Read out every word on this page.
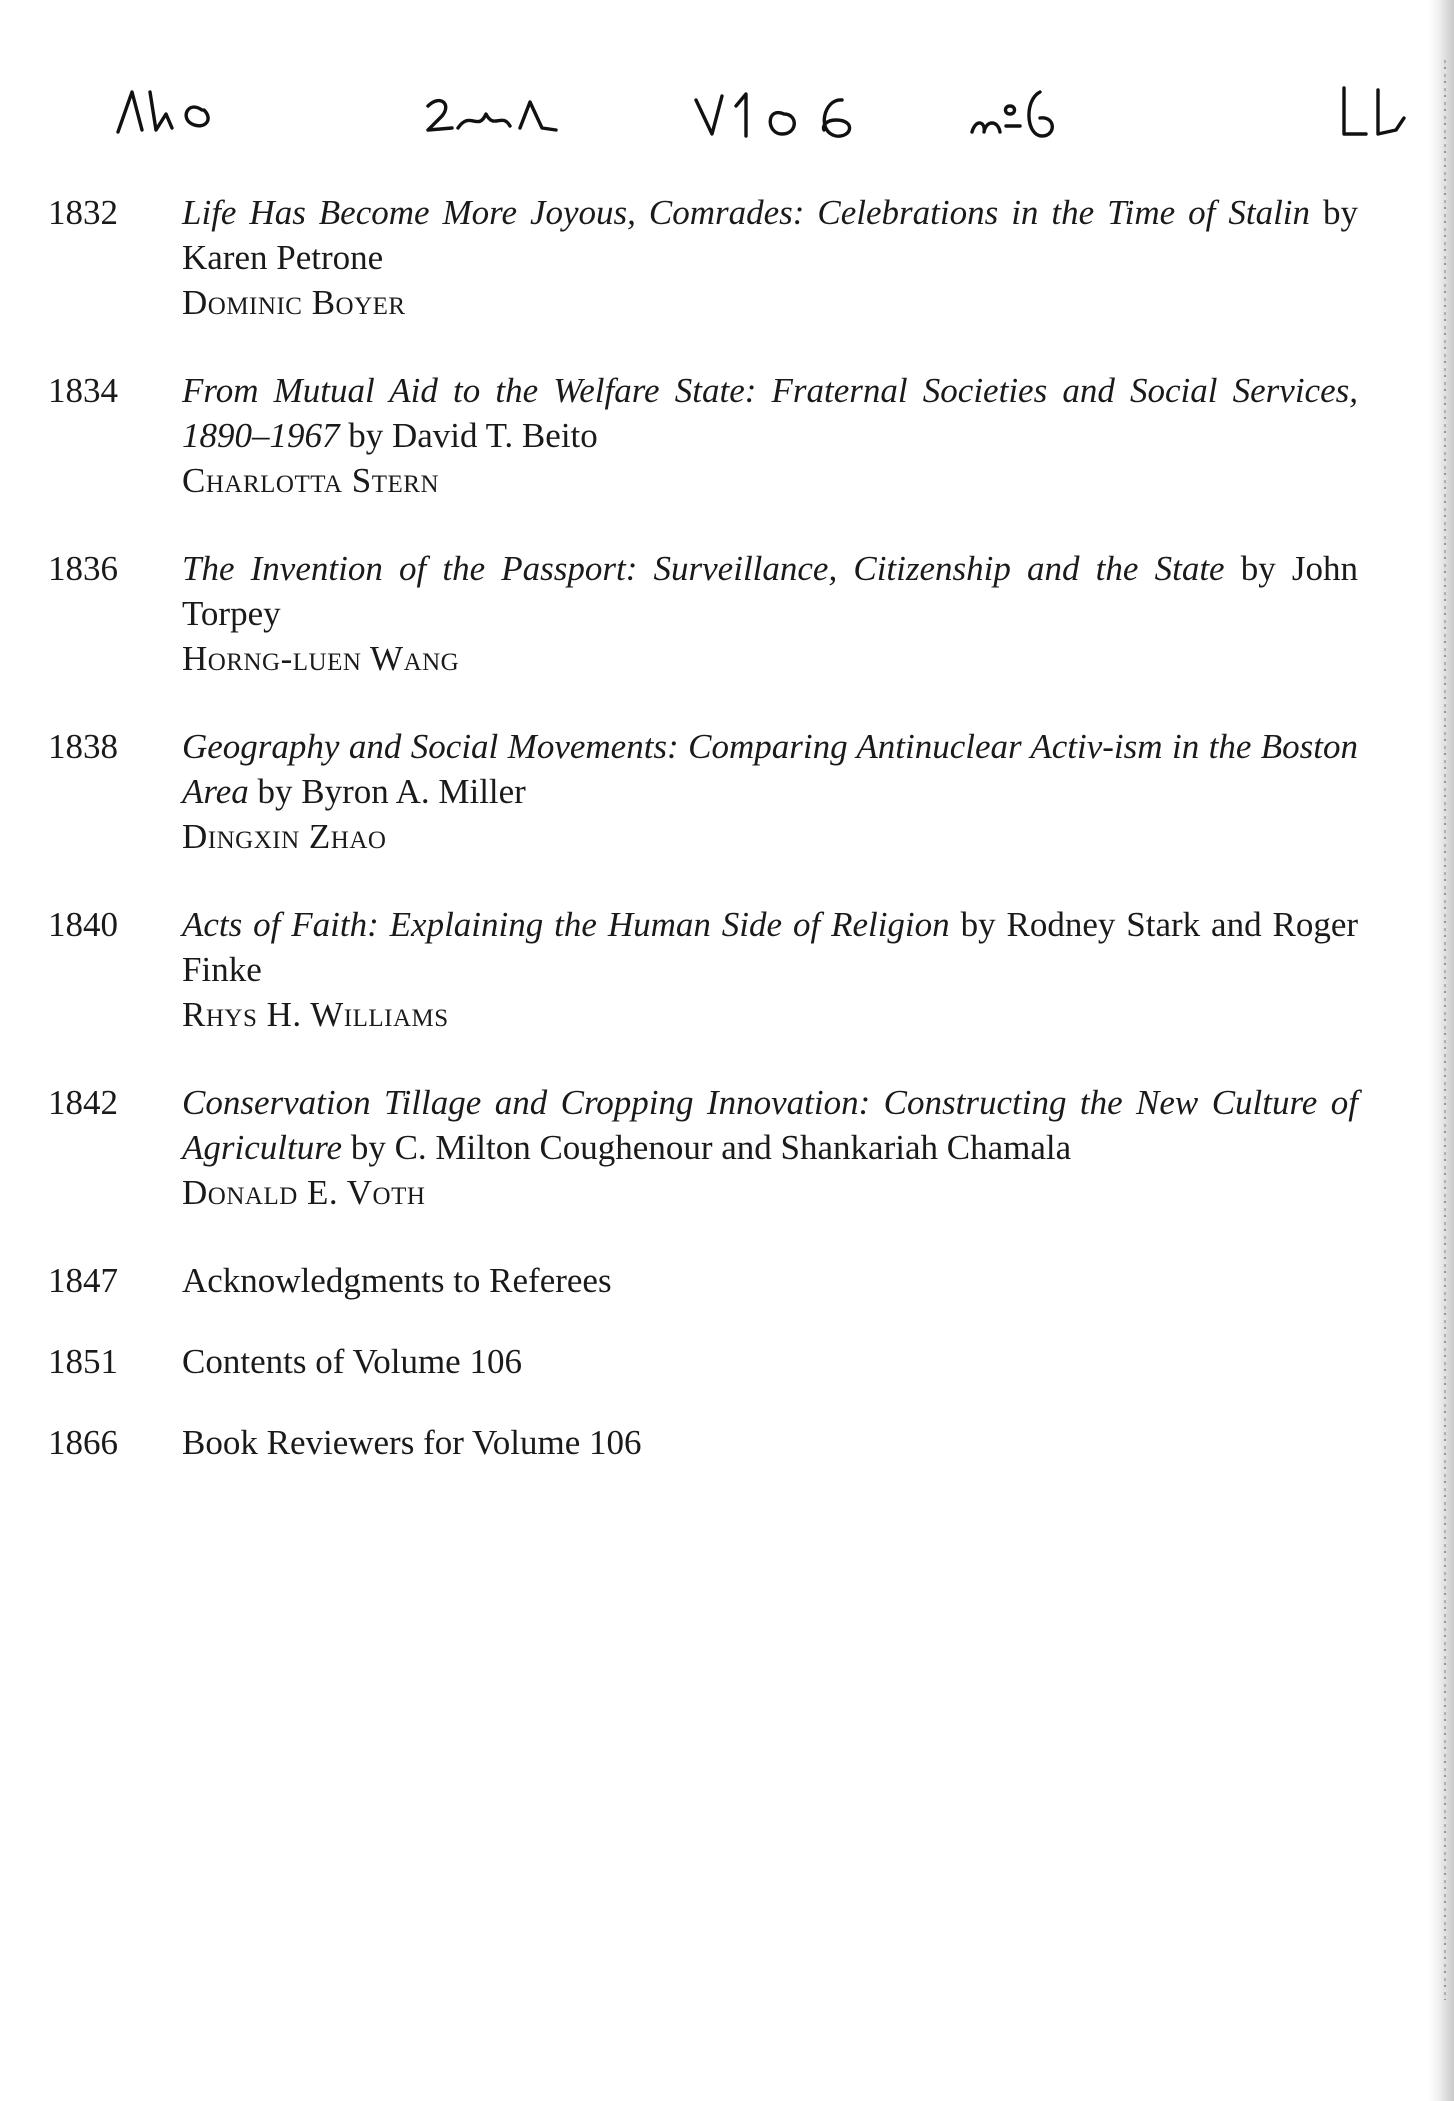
1832	Life Has Become More Joyous, Comrades: Celebrations in the Time of Stalin by Karen Petrone
Dominic Boyer
1834	From Mutual Aid to the Welfare State: Fraternal Societies and Social Services, 1890–1967 by David T. Beito
Charlotta Stern
1836	The Invention of the Passport: Surveillance, Citizenship and the State by John Torpey
Horng-luen Wang
1838	Geography and Social Movements: Comparing Antinuclear Activ-ism in the Boston Area by Byron A. Miller
Dingxin Zhao
1840	Acts of Faith: Explaining the Human Side of Religion by Rodney Stark and Roger Finke
Rhys H. Williams
1842	Conservation Tillage and Cropping Innovation: Constructing the New Culture of Agriculture by C. Milton Coughenour and Shankariah Chamala
Donald E. Voth
1847	Acknowledgments to Referees
1851	Contents of Volume 106
1866	Book Reviewers for Volume 106
